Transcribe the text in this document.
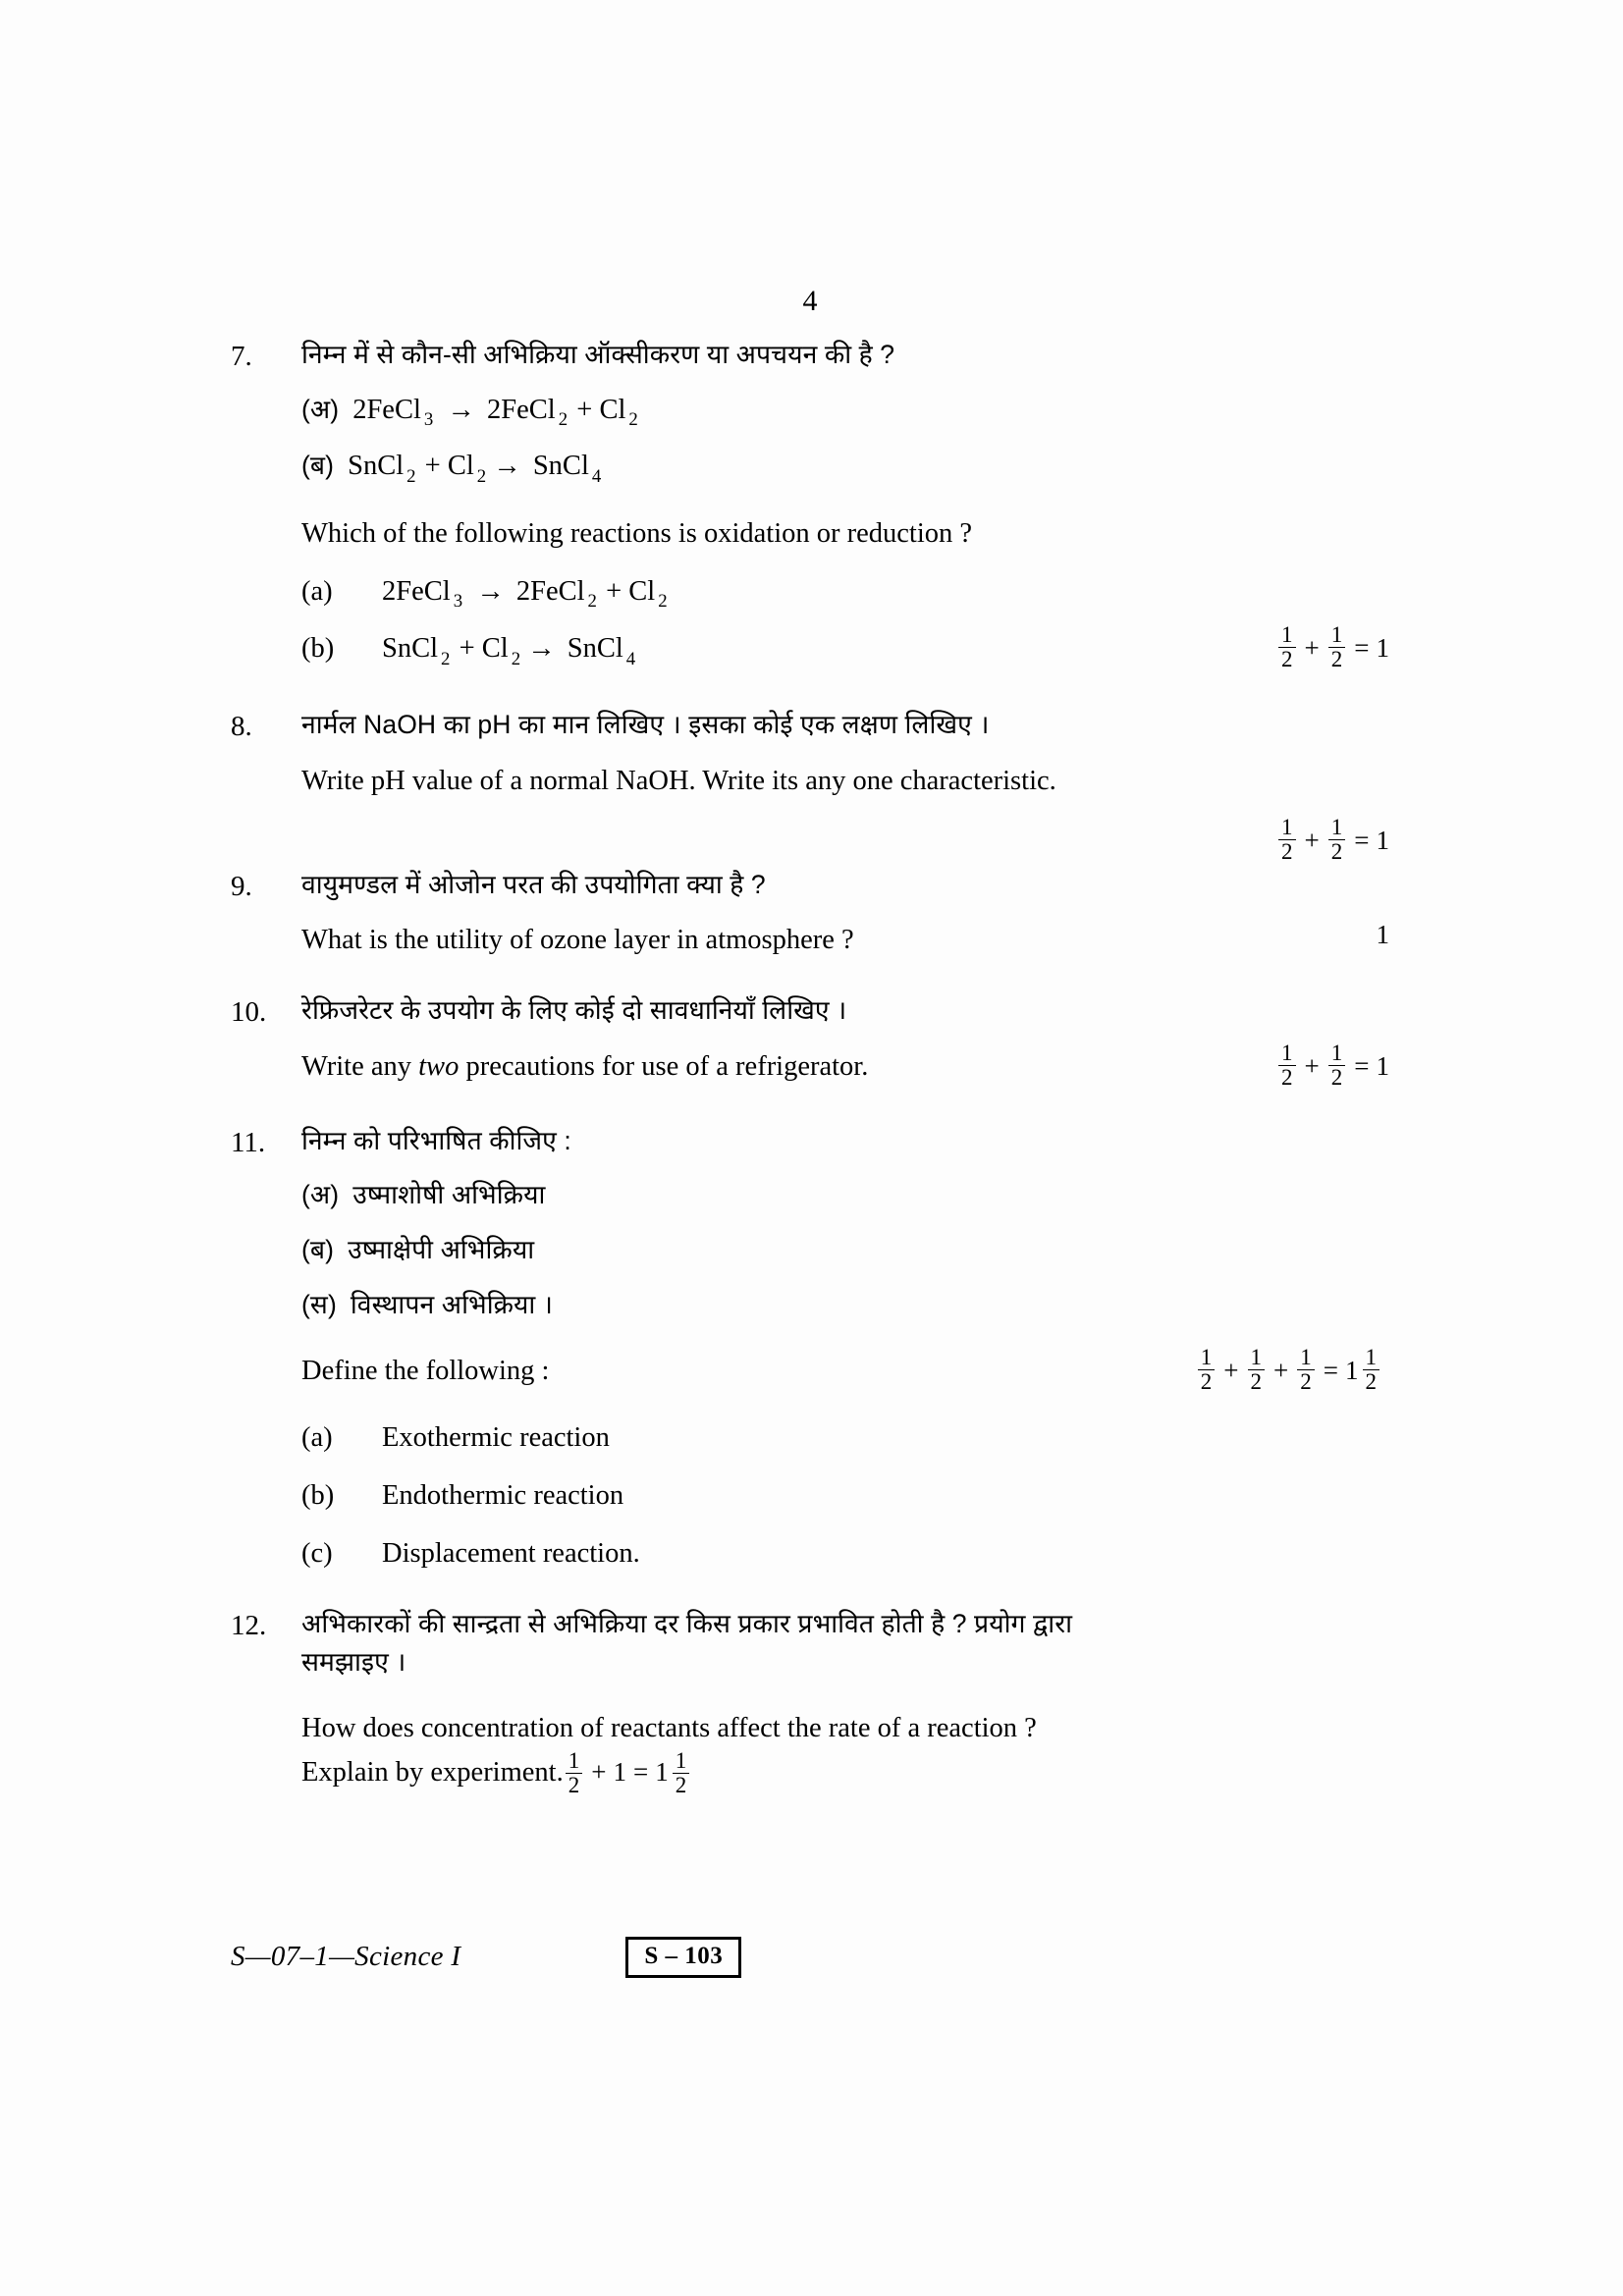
4
7.	निम्न में से कौन-सी अभिक्रिया ऑक्सीकरण या अपचयन की है ?
(अ) 2FeCl $_3$ → 2FeCl $_2$ + Cl $_2$
(ब) SnCl $_2$ + Cl $_2$ → SnCl $_4$
Which of the following reactions is oxidation or reduction ?
(a)	2FeCl $_3$ → 2FeCl $_2$ + Cl $_2$
(b)	SnCl $_2$ + Cl $_2$ → SnCl $_4$	$\frac{1}{2} + \frac{1}{2} = 1$
8.	नार्मल NaOH का pH का मान लिखिए । इसका कोई एक लक्षण लिखिए ।
Write pH value of a normal NaOH. Write its any one characteristic.
$\frac{1}{2} + \frac{1}{2} = 1$
9.	वायुमण्डल में ओजोन परत की उपयोगिता क्या है ?
What is the utility of ozone layer in atmosphere ?	1
10.	रेफ्रिजरेटर के उपयोग के लिए कोई दो सावधानियाँ लिखिए ।
Write any two precautions for use of a refrigerator.	$\frac{1}{2} + \frac{1}{2} = 1$
11.	निम्न को परिभाषित कीजिए :
(अ) उष्माशोषी अभिक्रिया
(ब) उष्माक्षेपी अभिक्रिया
(स) विस्थापन अभिक्रिया ।
Define the following :	$\frac{1}{2} + \frac{1}{2} + \frac{1}{2} = 1 \frac{1}{2}$
(a)	Exothermic reaction
(b)	Endothermic reaction
(c)	Displacement reaction.
12.	अभिकारकों की सान्द्रता से अभिक्रिया दर किस प्रकार प्रभावित होती है ? प्रयोग द्वारा
समझाइए ।
How does concentration of reactants affect the rate of a reaction ?
Explain by experiment. $\frac{1}{2} + 1 = 1 \frac{1}{2}$
S—07–1—Science I	S – 103
